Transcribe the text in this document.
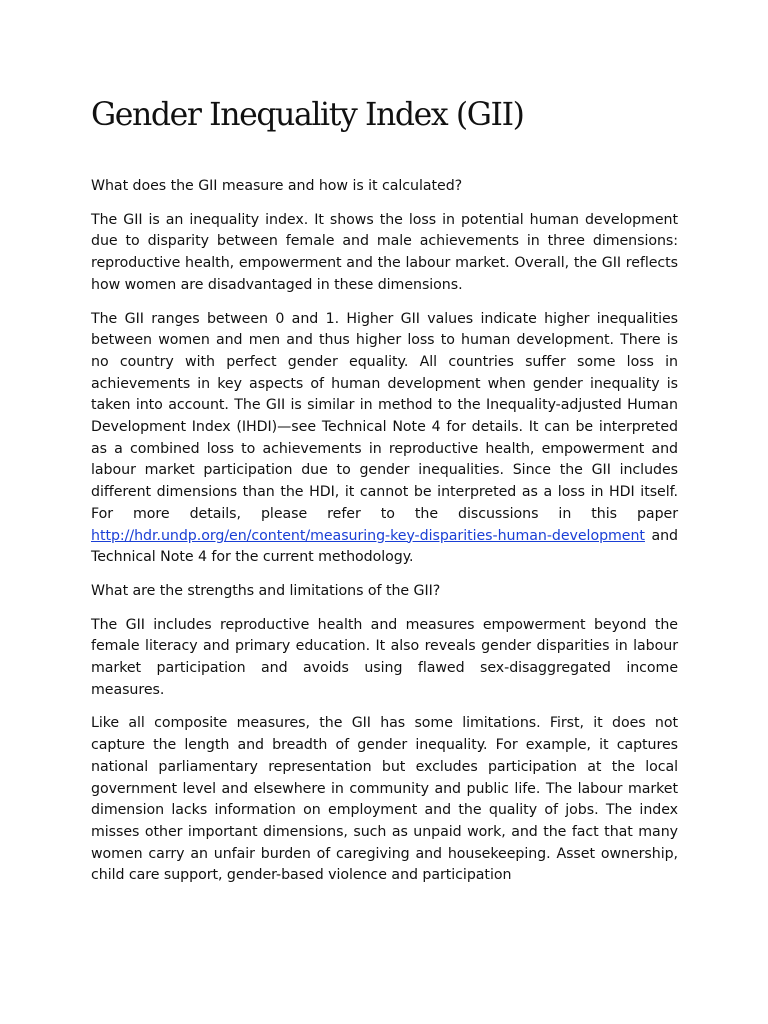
Gender Inequality Index (GII)

What does the GII measure and how is it calculated?

The GII is an inequality index. It shows the loss in potential human development due to disparity between female and male achievements in three dimensions: reproductive health, empowerment and the labour market. Overall, the GII reflects how women are disadvantaged in these dimensions.

The GII ranges between 0 and 1. Higher GII values indicate higher inequalities between women and men and thus higher loss to human development. There is no country with perfect gender equality. All countries suffer some loss in achievements in key aspects of human development when gender inequality is taken into account. The GII is similar in method to the Inequality-adjusted Human Development Index (IHDI)—see Technical Note 4 for details. It can be interpreted as a combined loss to achievements in reproductive health, empowerment and labour market participation due to gender inequalities. Since the GII includes different dimensions than the HDI, it cannot be interpreted as a loss in HDI itself. For more details, please refer to the discussions in this paper http://hdr.undp.org/en/content/measuring-key-disparities-human-development and Technical Note 4 for the current methodology.

What are the strengths and limitations of the GII?

The GII includes reproductive health and measures empowerment beyond the female literacy and primary education. It also reveals gender disparities in labour market participation and avoids using flawed sex-disaggregated income measures.

Like all composite measures, the GII has some limitations. First, it does not capture the length and breadth of gender inequality. For example, it captures national parliamentary representation but excludes participation at the local government level and elsewhere in community and public life. The labour market dimension lacks information on employment and the quality of jobs. The index misses other important dimensions, such as unpaid work, and the fact that many women carry an unfair burden of caregiving and housekeeping. Asset ownership, child care support, gender-based violence and participation
